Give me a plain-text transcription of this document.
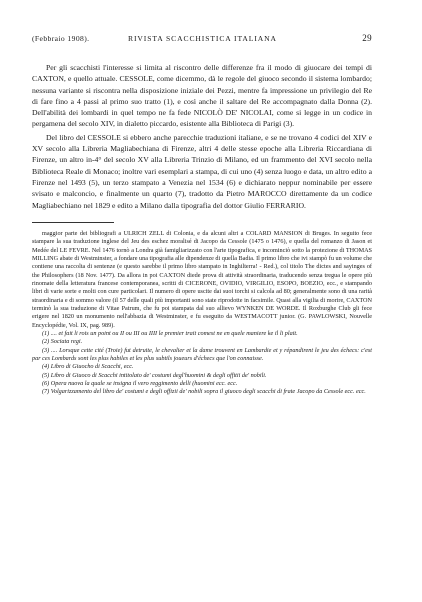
(Febbraio 1908).	RIVISTA SCACCHISTICA ITALIANA	29

Per gli scacchisti l'interesse si limita al riscontro delle differenze fra il modo di giuocare dei tempi di CAXTON, e quello attuale. CESSOLE, come dicemmo, dà le regole del giuoco secondo il sistema lombardo; nessuna variante si riscontra nella disposizione iniziale dei Pezzi, mentre fa impressione un privilegio del Re di fare fino a 4 passi al primo suo tratto (1), e così anche il saltare del Re accompagnato dalla Donna (2). Dell'abilità dei lombardi in quel tempo ne fa fede NICOLÒ DE' NICOLAI, come si legge in un codice in pergamena del secolo XIV, in dialetto piccardo, esistente alla Biblioteca di Parigi (3).

Del libro del CESSOLE si ebbero anche parecchie traduzioni italiane, e se ne trovano 4 codici del XIV e XV secolo alla Libreria Magliabechiana di Firenze, altri 4 delle stesse epoche alla Libreria Riccardiana di Firenze, un altro in-4° del secolo XV alla Libreria Trinzio di Milano, ed un frammento del XVI secolo nella Biblioteca Reale di Monaco; inoltre vari esemplari a stampa, di cui uno (4) senza luogo e data, un altro edito a Firenze nel 1493 (5), un terzo stampato a Venezia nel 1534 (6) e dichiarato neppur nominabile per essere svisato e malconcio, e finalmente un quarto (7), tradotto da Pietro MAROCCO direttamente da un codice Magliabechiano nel 1829 e edito a Milano dalla tipografia del dottor Giulio FERRARIO.

maggior parte dei bibliografi a ULRICH ZELL di Colonia, e da alcuni altri a COLARD MANSION di Bruges. In seguito fece stampare la sua traduzione inglese del Jeu des eschez moralisé di Jacopo da Cessole (1475 o 1476), e quella del romanzo di Jason et Medée del LE FEVRE. Nel 1476 tornò a Londra già famigliarizzato con l'arte tipografica, e incominciò sotto la protezione di THOMAS MILLING abate di Westminster, a fondare una tipografia alle dipendenze di quella Badia. Il primo libro che ivi stampò fu un volume che contiene una raccolta di sentenze (e questo sarebbe il primo libro stampato in Inghilterra! - Red.), col titolo The dictes and sayinges of the Philosophers (18 Nov. 1477). Da allora in poi CAXTON diede prova di attività straordinaria, traducendo senza tregua le opere più rinomate della letteratura francese contemporanea, scritti di CICERONE, OVIDIO, VIRGILIO, ESOPO, BOEZIO, ecc., e stampando libri di varie sorte e molti con cure particolari. Il numero di opere uscite dai suoi torchi si calcola ad 80; generalmente sono di una rarità straordinaria e di sommo valore (il 57 delle quali più importanti sono state riprodotte in facsimile. Quasi alla vigilia di morire, CAXTON terminò la sua traduzione di Vitae Patrum, che fu poi stampata dal suo allievo WYNKEN DE WORDE. Il Roxburghe Club gli fece erigere nel 1820 un monumento nell'abbazia di Westminster, e fu eseguito da WESTMACOTT junior. (G. PAWLOWSKI, Nouvelle Encyclopédie, Vol. IX, pag. 989).

(1) .... et fait li rois un point ou II ou III ou IIII le premier trait comest ne en quele maniere ke il li plait.

(2) Sociata regi.

(3) .... Lorsque cette cité (Troie) fut detruite, le chevalier et la dame trouvent en Lambardie et y répandirent le jeu des échecs: c'est par ces Lombards sont les plus habiles et les plus subtils joueurs d'échecs que l'on connaisse.

(4) Libro di Giuocho di Scacchi, ecc.

(5) Libro di Giuoco di Scacchi intitolato de' costumi degl'huomini & degli offitii de' nobili.

(6) Opera nuova la quale se insigna il vero reggimento delli (huomini ecc. ecc.

(7) Volgarizzamento del libro de' costumi e degli offizii de' nobili sopra il giuoco degli scacchi di frate Jacopo da Cessole ecc. ecc.
